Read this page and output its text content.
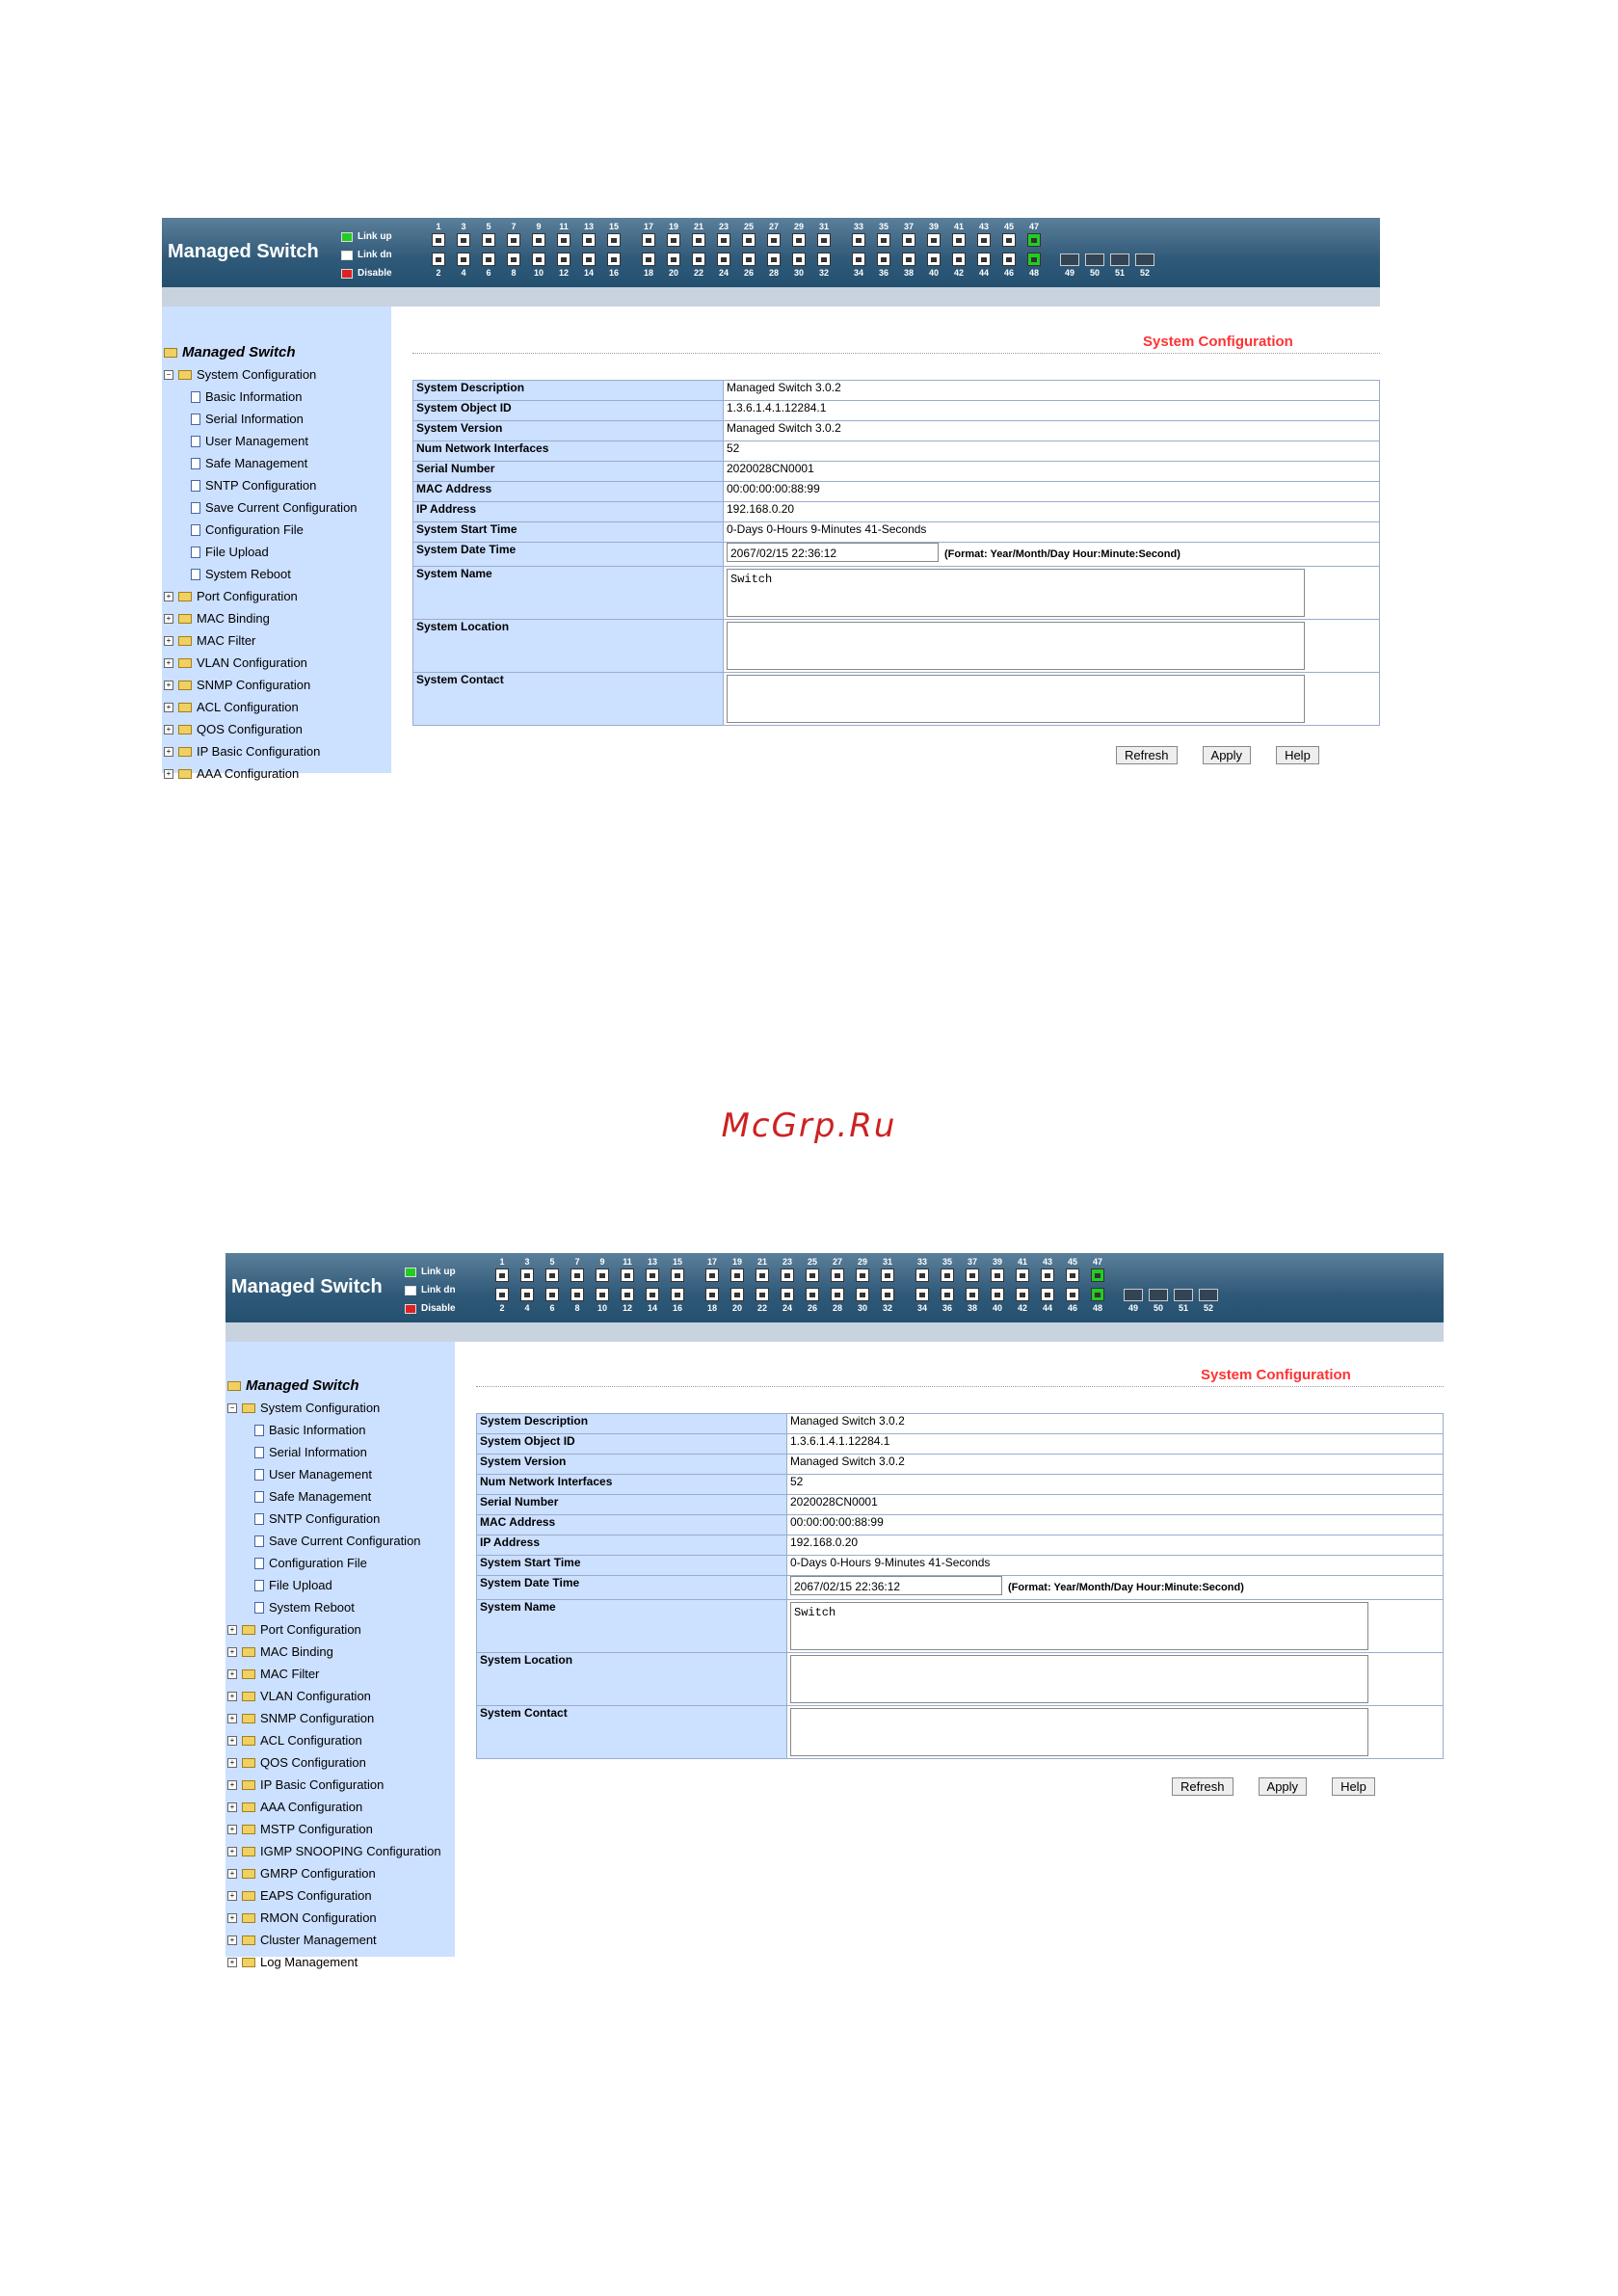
Managed Switch
Link up
Link dn
Disable
1
2
3
4
5
6
7
8
9
10
11
12
13
14
15
16
17
18
19
20
21
22
23
24
25
26
27
28
29
30
31
32
33
34
35
36
37
38
39
40
41
42
43
44
45
46
47
48	49	50	51	52
Managed Switch
− System Configuration
Basic Information
Serial Information
User Management
Safe Management
SNTP Configuration
Save Current Configuration
Configuration File
File Upload
System Reboot
+ Port Configuration
+ MAC Binding
+ MAC Filter
+ VLAN Configuration
+ SNMP Configuration
+ ACL Configuration
+ QOS Configuration
+ IP Basic Configuration
+ AAA Configuration
System Configuration
System Description	Managed Switch 3.0.2
System Object ID	1.3.6.1.4.1.12284.1
System Version	Managed Switch 3.0.2
Num Network Interfaces	52
Serial Number	2020028CN0001
MAC Address	00:00:00:00:88:99
IP Address	192.168.0.20
System Start Time	0-Days 0-Hours 9-Minutes 41-Seconds
System Date Time	2067/02/15 22:36:12 (Format: Year/Month/Day Hour:Minute:Second)
System Name	Switch

System Location	

System Contact	
Refresh	Apply	Help
McGrp.Ru
Managed Switch
Link up
Link dn
Disable
1
2
3
4
5
6
7
8
9
10
11
12
13
14
15
16
17
18
19
20
21
22
23
24
25
26
27
28
29
30
31
32
33
34
35
36
37
38
39
40
41
42
43
44
45
46
47
48	49	50	51	52
Managed Switch
− System Configuration
Basic Information
Serial Information
User Management
Safe Management
SNTP Configuration
Save Current Configuration
Configuration File
File Upload
System Reboot
+ Port Configuration
+ MAC Binding
+ MAC Filter
+ VLAN Configuration
+ SNMP Configuration
+ ACL Configuration
+ QOS Configuration
+ IP Basic Configuration
+ AAA Configuration
+ MSTP Configuration
+ IGMP SNOOPING Configuration
+ GMRP Configuration
+ EAPS Configuration
+ RMON Configuration
+ Cluster Management
+ Log Management
System Configuration
System Description	Managed Switch 3.0.2
System Object ID	1.3.6.1.4.1.12284.1
System Version	Managed Switch 3.0.2
Num Network Interfaces	52
Serial Number	2020028CN0001
MAC Address	00:00:00:00:88:99
IP Address	192.168.0.20
System Start Time	0-Days 0-Hours 9-Minutes 41-Seconds
System Date Time	2067/02/15 22:36:12 (Format: Year/Month/Day Hour:Minute:Second)
System Name	Switch

System Location	

System Contact	
Refresh	Apply	Help
